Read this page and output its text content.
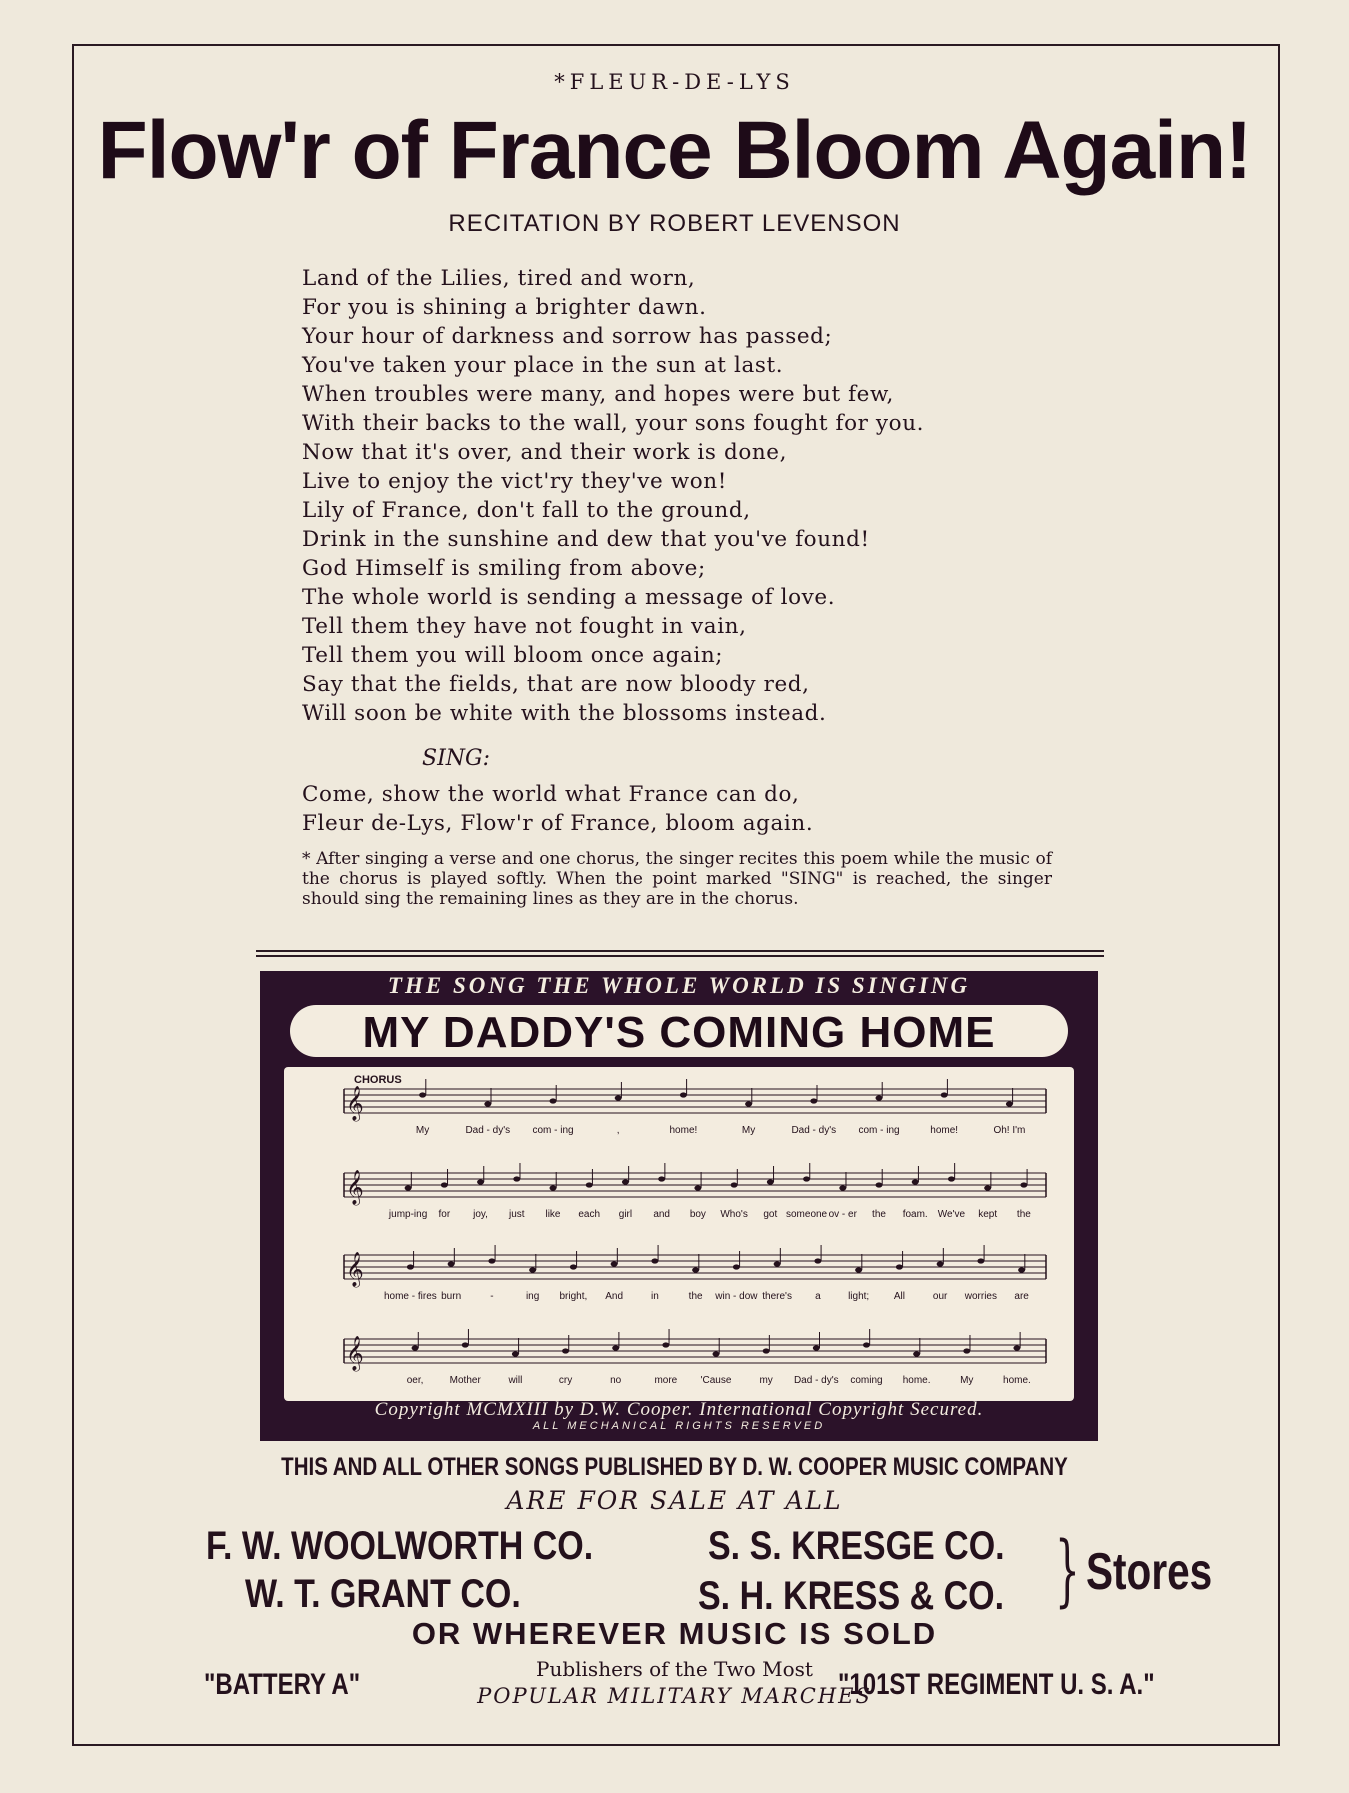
*FLEUR-DE-LYS
Flow'r of France Bloom Again!
RECITATION BY ROBERT LEVENSON
Land of the Lilies, tired and worn,
For you is shining a brighter dawn.
Your hour of darkness and sorrow has passed;
You've taken your place in the sun at last.
When troubles were many, and hopes were but few,
With their backs to the wall, your sons fought for you.
Now that it's over, and their work is done,
Live to enjoy the vict'ry they've won!
Lily of France, don't fall to the ground,
Drink in the sunshine and dew that you've found!
God Himself is smiling from above;
The whole world is sending a message of love.
Tell them they have not fought in vain,
Tell them you will bloom once again;
Say that the fields, that are now bloody red,
Will soon be white with the blossoms instead.
SING:
Come, show the world what France can do,
Fleur de-Lys, Flow'r of France, bloom again.
* After singing a verse and one chorus, the singer recites this poem while the music of the chorus is played softly. When the point marked "SING" is reached, the singer should sing the remaining lines as they are in the chorus.
THE SONG THE WHOLE WORLD IS SINGING
MY DADDY'S COMING HOME
CHORUS
𝄞
My	Dad - dy's com - ing	,	home!	My	Dad - dy's com - ing	home!	Oh! I'm
𝄞
jump-ing for joy, just like each girl and boy Who's got someone ov - er the foam. We've kept the
𝄞
home - fires burn	-	ing bright, And	in	the win - dow there's a	light; All	our worries are
𝄞
oer,	Mother	will	cry	no	more 'Cause	my Dad - dy's coming home.	My	home.
Copyright MCMXIII by D.W. Cooper. International Copyright Secured.
ALL MECHANICAL RIGHTS RESERVED
THIS AND ALL OTHER SONGS PUBLISHED BY D. W. COOPER MUSIC COMPANY
ARE FOR SALE AT ALL
F. W. WOOLWORTH CO.	S. S. KRESGE CO.
W. T. GRANT CO.	S. H. KRESS & CO. } Stores
OR WHEREVER MUSIC IS SOLD
"BATTERY A"	Publishers of the Two Most
POPULAR MILITARY MARCHES
"101ST REGIMENT U. S. A."
